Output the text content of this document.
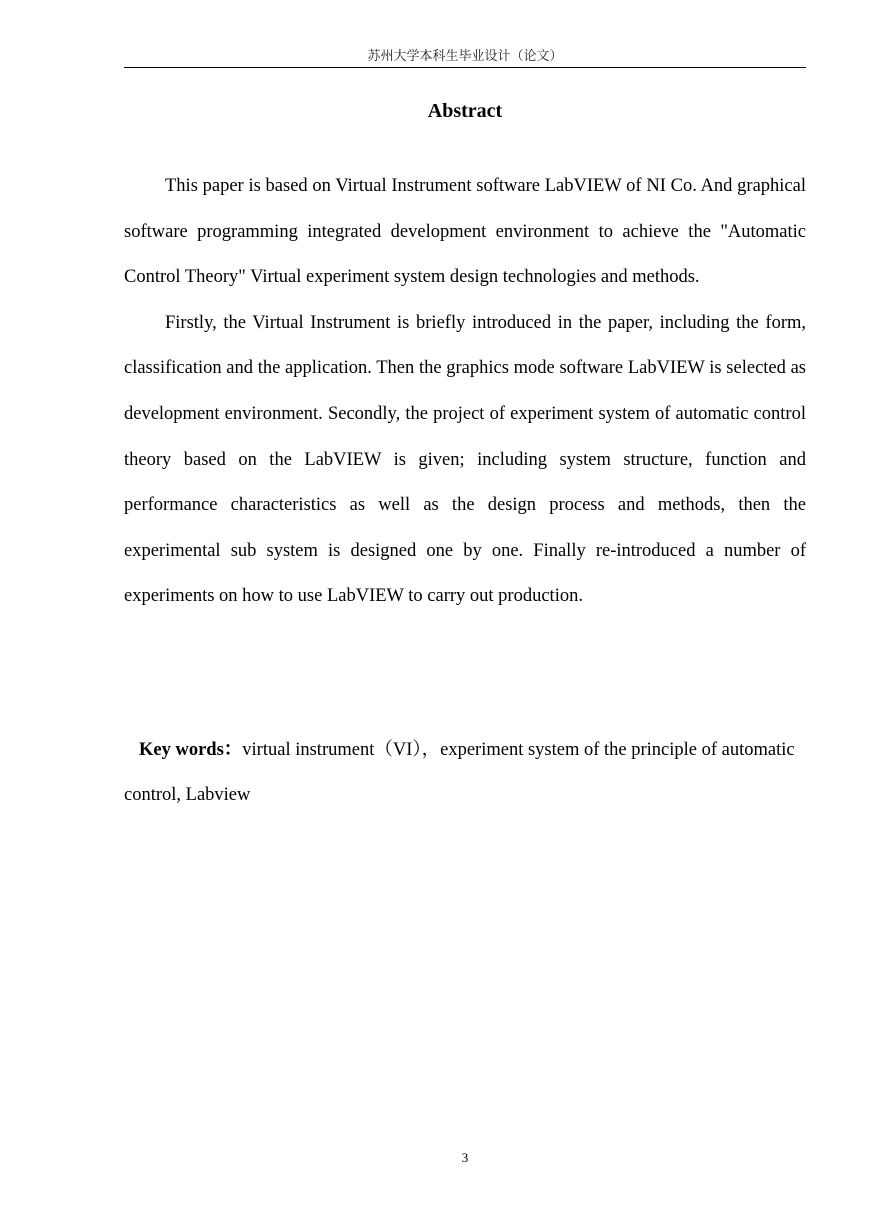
苏州大学本科生毕业设计（论文）
Abstract

This paper is based on Virtual Instrument software LabVIEW of NI Co. And graphical software programming integrated development environment to achieve the "Automatic Control Theory" Virtual experiment system design technologies and methods.

Firstly, the Virtual Instrument is briefly introduced in the paper, including the form, classification and the application. Then the graphics mode software LabVIEW is selected as development environment. Secondly, the project of experiment system of automatic control theory based on the LabVIEW is given; including system structure, function and performance characteristics as well as the design process and methods, then the experimental sub system is designed one by one. Finally re-introduced a number of experiments on how to use LabVIEW to carry out production.

Key words：virtual instrument（VI），experiment system of the principle of automatic control, Labview
3
